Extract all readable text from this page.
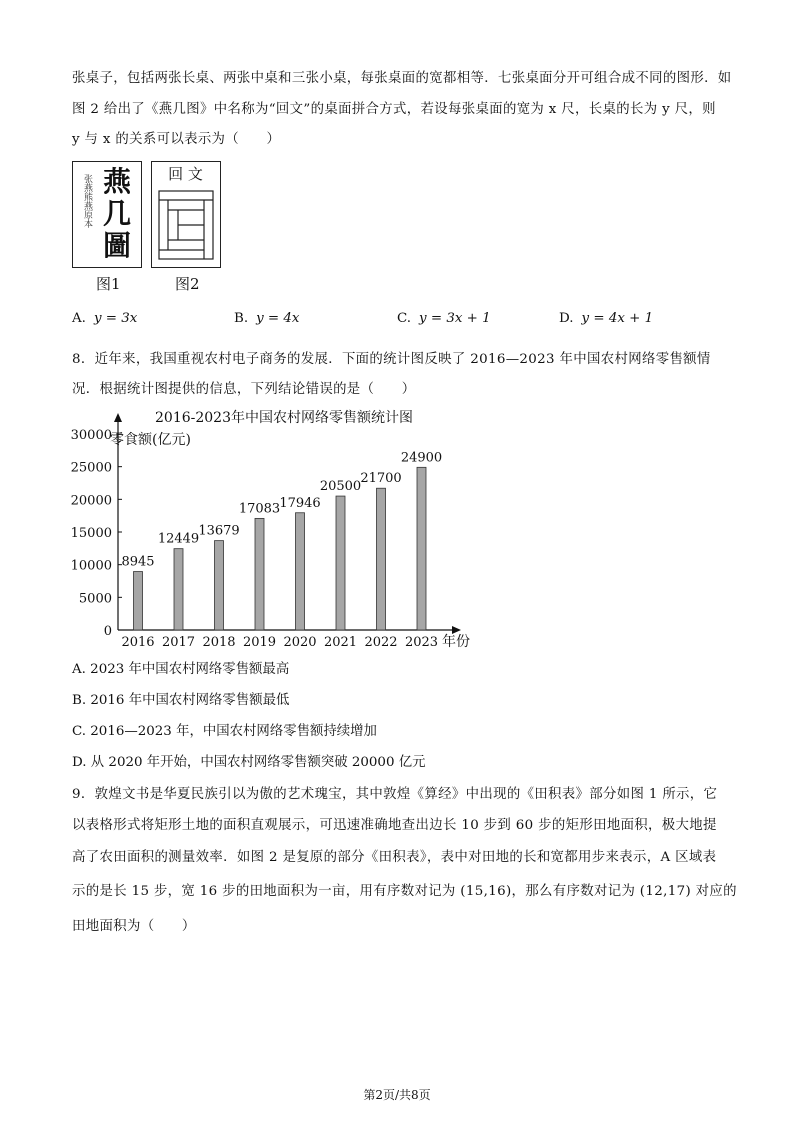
张桌子，包括两张长桌、两张中桌和三张小桌，每张桌面的宽都相等．七张桌面分开可组合成不同的图形．如

图 2 给出了《燕几图》中名称为“回文”的桌面拼合方式，若设每张桌面的宽为 x 尺，长桌的长为 y 尺，则

y 与 x 的关系可以表示为（　　）

张燕熊燕原本 燕
几
圖
图1
回 文
图2
A. y = 3x	B. y = 4x	C. y = 3x + 1	D. y = 4x + 1

8．近年来，我国重视农村电子商务的发展．下面的统计图反映了 2016—2023 年中国农村网络零售额情

况．根据统计图提供的信息，下列结论错误的是（　　）

2016-2023年中国农村网络零售额统计图
零食额(亿元)
年份
0
5000
10000
15000
20000
25000
30000
8945
12449
13679
17083 17946
20500
21700
24900
2016 2017 2018 2019 2020 2021 2022 2023
A. 2023 年中国农村网络零售额最高
B. 2016 年中国农村网络零售额最低
C. 2016—2023 年，中国农村网络零售额持续增加
D. 从 2020 年开始，中国农村网络零售额突破 20000 亿元

9．敦煌文书是华夏民族引以为傲的艺术瑰宝，其中敦煌《算经》中出现的《田积表》部分如图 1 所示，它

以表格形式将矩形土地的面积直观展示，可迅速准确地查出边长 10 步到 60 步的矩形田地面积，极大地提

高了农田面积的测量效率．如图 2 是复原的部分《田积表》，表中对田地的长和宽都用步来表示，A 区域表

示的是长 15 步，宽 16 步的田地面积为一亩，用有序数对记为 (15,16)，那么有序数对记为 (12,17) 对应的

田地面积为（　　）

第2页/共8页
